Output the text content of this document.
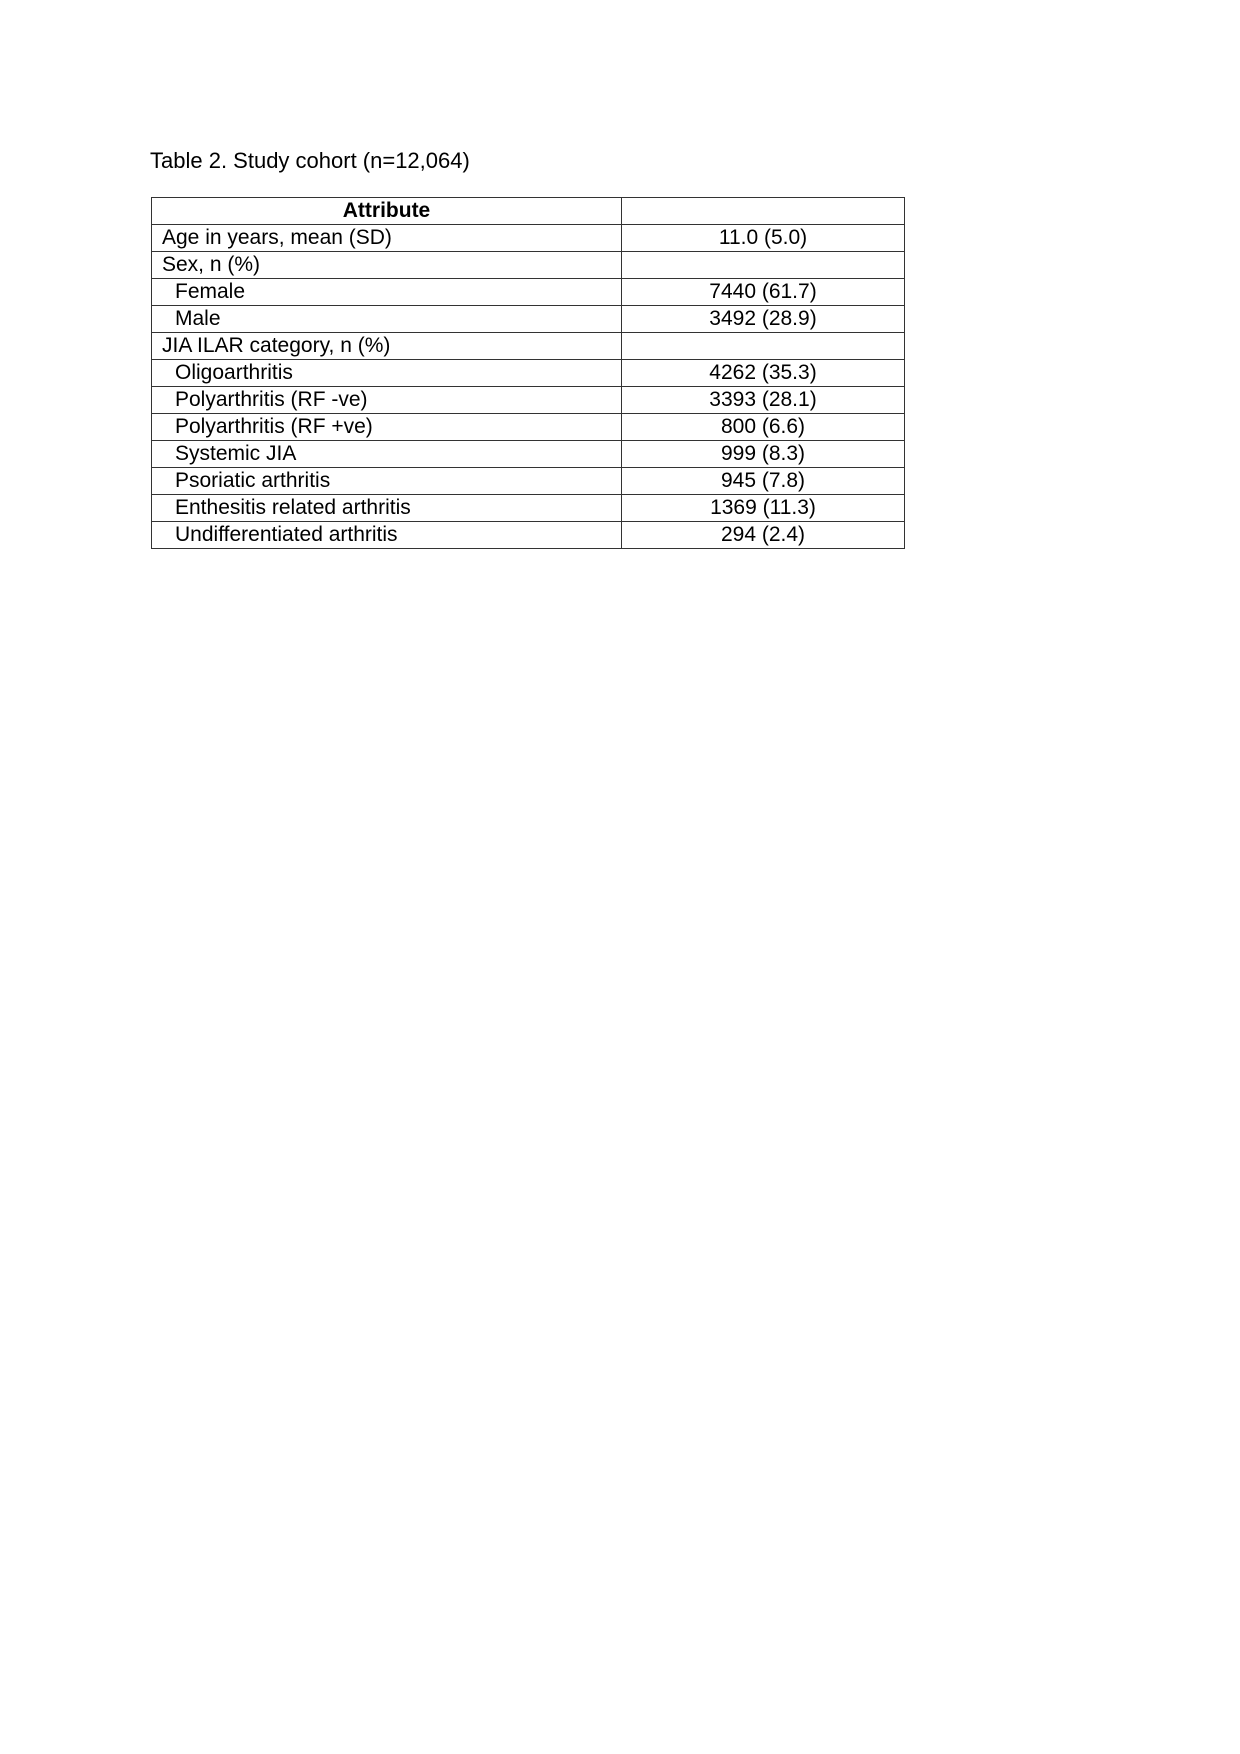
Table 2. Study cohort (n=12,064)
Attribute	
Age in years, mean (SD)	11.0 (5.0)
Sex, n (%)	
Female	7440 (61.7)
Male	3492 (28.9)
JIA ILAR category, n (%)	
Oligoarthritis	4262 (35.3)
Polyarthritis (RF -ve)	3393 (28.1)
Polyarthritis (RF +ve)	800 (6.6)
Systemic JIA	999 (8.3)
Psoriatic arthritis	945 (7.8)
Enthesitis related arthritis	1369 (11.3)
Undifferentiated arthritis	294 (2.4)
